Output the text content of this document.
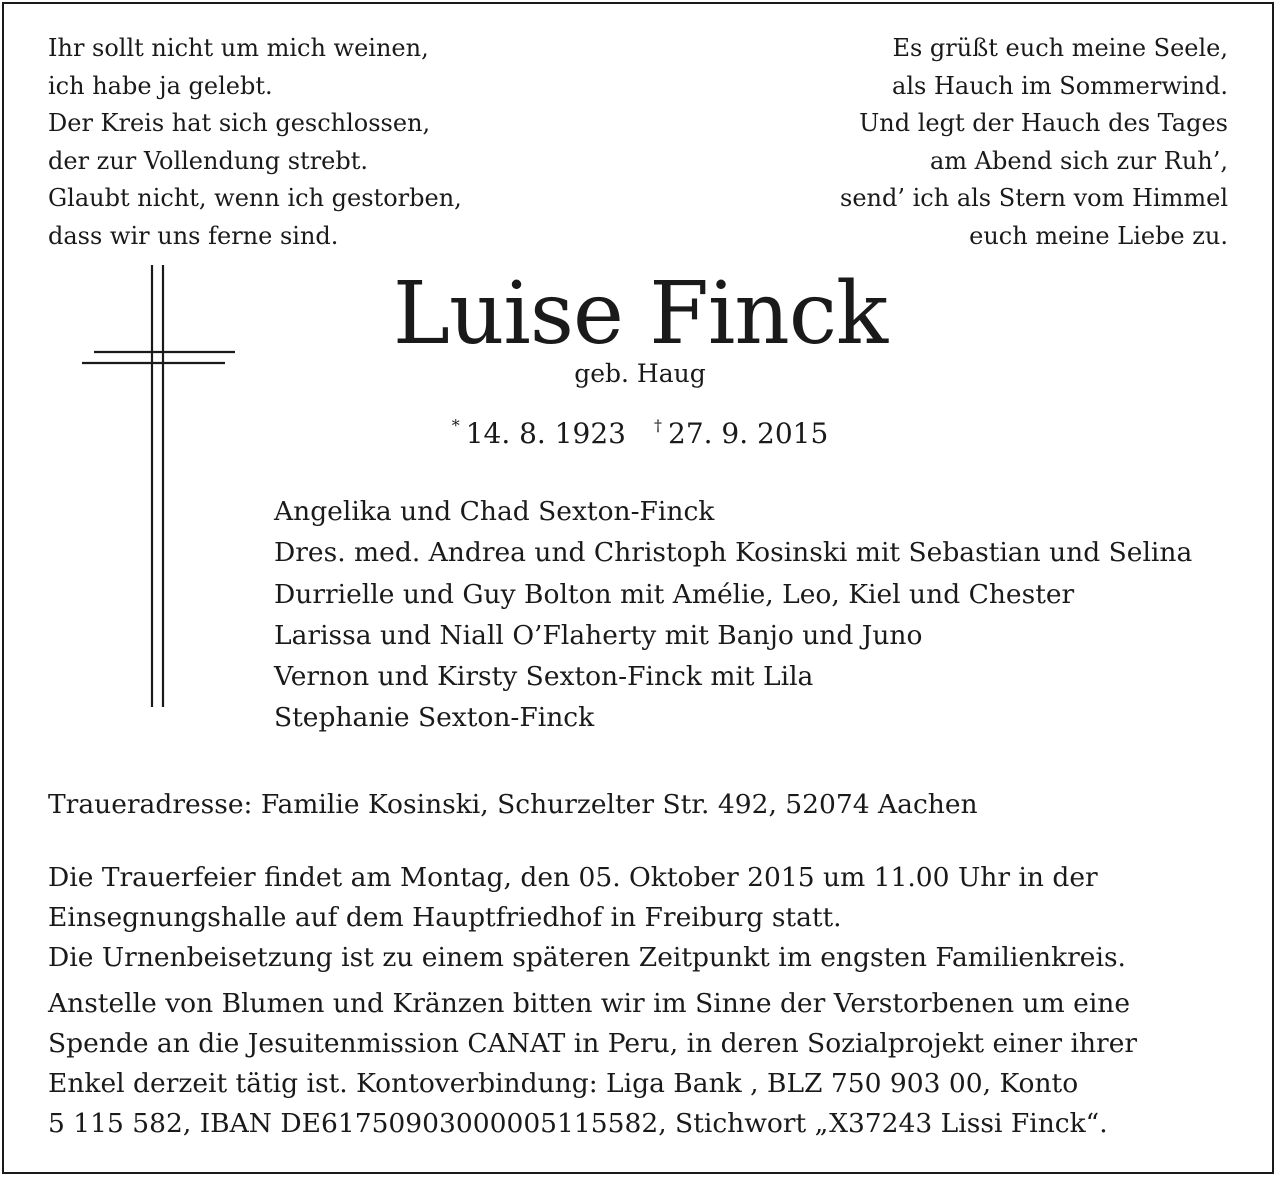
Ihr sollt nicht um mich weinen,
ich habe ja gelebt.
Der Kreis hat sich geschlossen,
der zur Vollendung strebt.
Glaubt nicht, wenn ich gestorben,
dass wir uns ferne sind.
Es grüßt euch meine Seele,
als Hauch im Sommerwind.
Und legt der Hauch des Tages
am Abend sich zur Ruh’,
send’ ich als Stern vom Himmel
euch meine Liebe zu.
Luise Finck
geb. Haug
* 14. 8. 1923 † 27. 9. 2015
Angelika und Chad Sexton-Finck
Dres. med. Andrea und Christoph Kosinski mit Sebastian und Selina
Durrielle und Guy Bolton mit Amélie, Leo, Kiel und Chester
Larissa und Niall O’Flaherty mit Banjo und Juno
Vernon und Kirsty Sexton-Finck mit Lila
Stephanie Sexton-Finck
Traueradresse: Familie Kosinski, Schurzelter Str. 492, 52074 Aachen
Die Trauerfeier findet am Montag, den 05. Oktober 2015 um 11.00 Uhr in der
Einsegnungshalle auf dem Hauptfriedhof in Freiburg statt.
Die Urnenbeisetzung ist zu einem späteren Zeitpunkt im engsten Familienkreis.
Anstelle von Blumen und Kränzen bitten wir im Sinne der Verstorbenen um eine
Spende an die Jesuitenmission CANAT in Peru, in deren Sozialprojekt einer ihrer
Enkel derzeit tätig ist. Kontoverbindung: Liga Bank , BLZ 750 903 00, Konto
5 115 582, IBAN DE61750903000005115582, Stichwort „X37243 Lissi Finck“.
